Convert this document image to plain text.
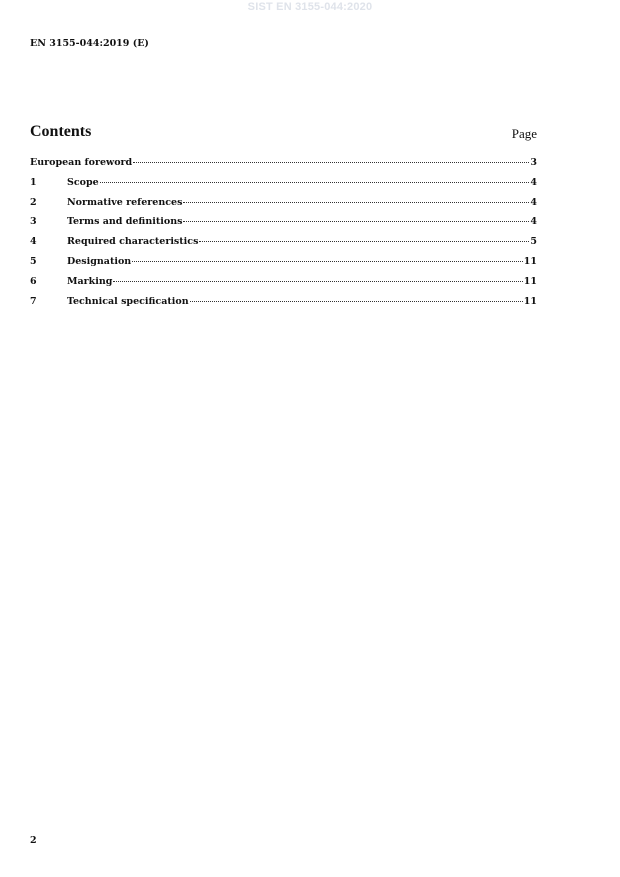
SIST EN 3155-044:2020
EN 3155-044:2019 (E)
Contents	Page
European foreword	3
1	Scope	4
2	Normative references	4
3	Terms and definitions	4
4	Required characteristics	5
5	Designation	11
6	Marking	11
7	Technical specification	11
2
